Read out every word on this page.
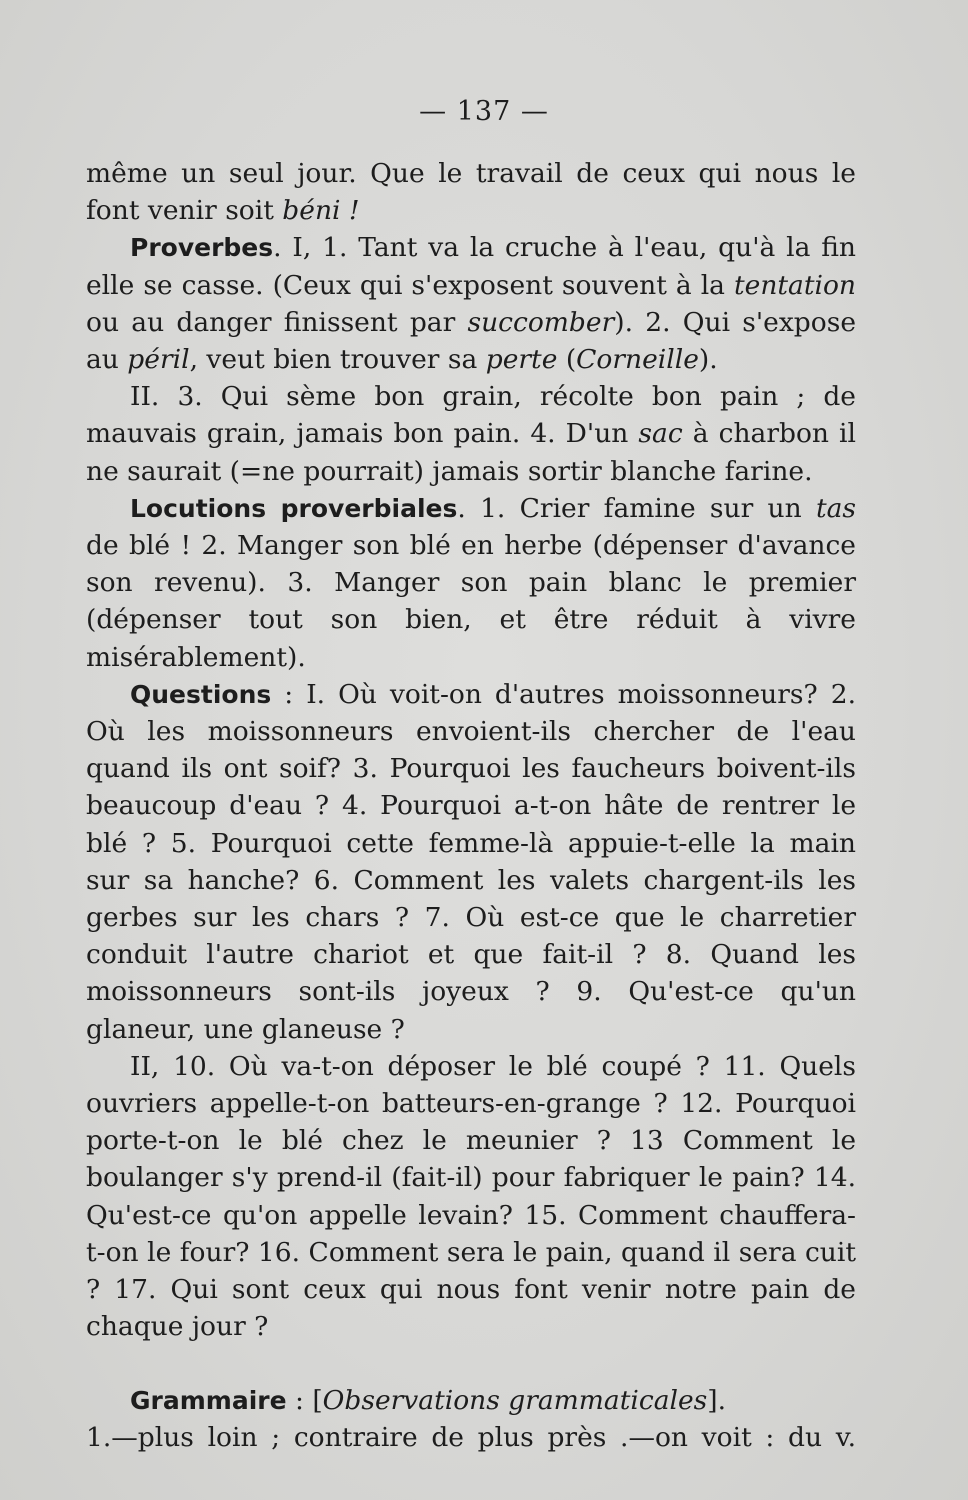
— 137 —

même un seul jour. Que le travail de ceux qui nous le font venir soit béni !

Proverbes. I, 1. Tant va la cruche à l'eau, qu'à la fin elle se casse. (Ceux qui s'exposent souvent à la tentation ou au danger finissent par succomber). 2. Qui s'expose au péril, veut bien trouver sa perte (Corneille).

II. 3. Qui sème bon grain, récolte bon pain ; de mauvais grain, jamais bon pain. 4. D'un sac à charbon il ne saurait (=ne pourrait) jamais sortir blanche farine.

Locutions proverbiales. 1. Crier famine sur un tas de blé ! 2. Manger son blé en herbe (dépenser d'avance son revenu). 3. Manger son pain blanc le premier (dépenser tout son bien, et être réduit à vivre misérablement).

Questions : I. Où voit-on d'autres moissonneurs? 2. Où les moissonneurs envoient-ils chercher de l'eau quand ils ont soif? 3. Pourquoi les faucheurs boivent-ils beaucoup d'eau ? 4. Pourquoi a-t-on hâte de rentrer le blé ? 5. Pourquoi cette femme-là appuie-t-elle la main sur sa hanche? 6. Comment les valets chargent-ils les gerbes sur les chars ? 7. Où est-ce que le charretier conduit l'autre chariot et que fait-il ? 8. Quand les moissonneurs sont-ils joyeux ? 9. Qu'est-ce qu'un glaneur, une glaneuse ?

II, 10. Où va-t-on déposer le blé coupé ? 11. Quels ouvriers appelle-t-on batteurs-en-grange ? 12. Pourquoi porte-t-on le blé chez le meunier ? 13 Comment le boulanger s'y prend-il (fait-il) pour fabriquer le pain? 14. Qu'est-ce qu'on appelle levain? 15. Comment chauffera-t-on le four? 16. Comment sera le pain, quand il sera cuit ? 17. Qui sont ceux qui nous font venir notre pain de chaque jour ?

Grammaire : [Observations grammaticales].

1.—plus loin ; contraire de plus près .—on voit : du v.
